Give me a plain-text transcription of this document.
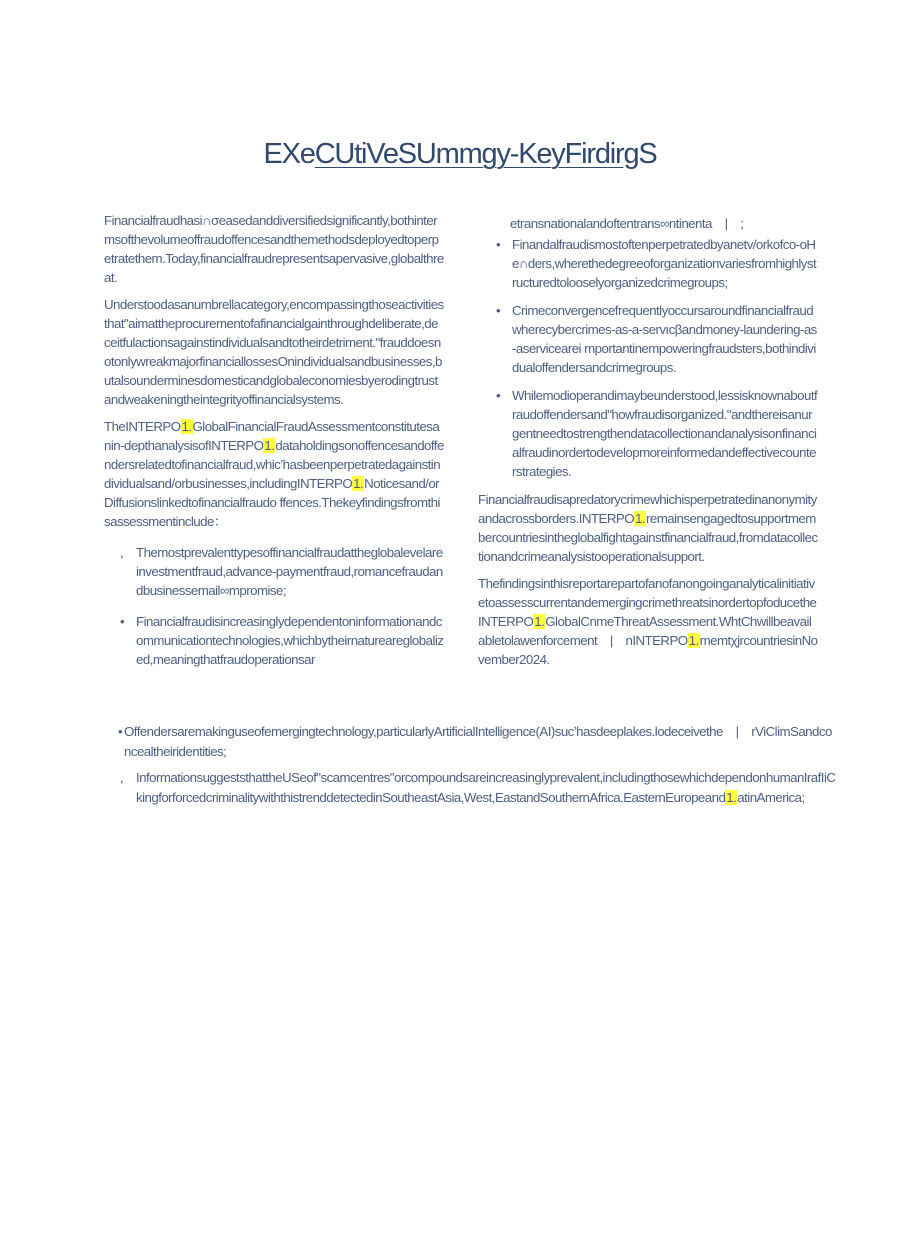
EXeCUtiVeSUmmgy-KeyFirdirgS

Financialfraudhasi∩σeasedanddiversifiedsignificantly,bothintermsofthevolumeoffraudoffencesandthemethodsdeployedtoperpetratethem.Today,financialfraudrepresentsapervasive,globalthreat.

Understoodasanumbrellacategory,encompassingthoseactivitiesthat"aimattheprocurementofafinancialgainthroughdeliberate,deceitfulactionsagainstindividualsandtotheirdetriment."frauddoesnotonlywreakmajorfinanciallossesOnindividualsandbusinesses,butalsounderminesdomesticandglobaleconomiesbyerodingtrustandweakeningtheintegrityoffinancialsystems.

TheINTERPO1.GlobalFinancialFraudAssessmentconstitutesanin-depthanalysisofINTERPO1.dataholdingsonoffencesandoffendersrelatedtofinancialfraud,whicʼhasbeenperpetratedagainstindividualsand/orbusinesses,includingINTERPO1.Noticesand/orDiffusionslinkedtofinancialfraudo ffences.Thekeyfindingsfromthisassessmentinclude：

, Themostprevalenttypesoffinancialfraudattheglobalevelareinvestmentfraud,advance-paymentfraud,romancefraudandbusinessemail∞mpromise;
• Financialfraudisincreasinglydependentoninformationandcommunicationtechnologies,whichbytheirnatureareglobalized,meaningthatfraudoperationsar

etransnationalandoftentrans∞ntinenta　|　;

• Finandalfraudismostoftenperpetratedbyanetv/orkofco-oHe∩ders,wherethedegreeoforganizationvariesfromhighlystructuredtolooselyorganizedcrimegroups;
• Crimeconvergencefrequentlyoccursaroundfinancialfraudwherecybercrimes-as-a-servıcβandmoney-laundering-as-aservicearei mportantinempoweringfraudsters,bothindividualoffendersandcrimegroups.
• Whilemodioperandimaybeunderstood,lessisknownaboutfraudoffendersand"howfraudisorganized."andthereisanurgentneedtostrengthendatacollectionandanalysisonfinancialfraudinordertodevelopmoreinformedandeffectivecounterstrategies.

Financialfraudisapredatorycrimewhichisperpetratedinanonymityandacrossborders.INTERPO1.remainsengagedtosupportmembercountriesintheglobalfightagainstfinancialfraud,fromdatacollectionandcrimeanalysistooperationalsupport.

Thefindingsinthisreportarepartofanofanongoinganalyticalinitiativetoassesscurrentandemergingcrimethreatsinordertopfoducethe INTERPO1.GlobalCnmeThreatAssessment.WhtChwillbeavailabletolawenforcement　|　nINTERPO1.memtχjrcountriesinNovember2024.

• Offendersaremakinguseofemergingtechnology,particularlyArtificialIntelligence(AI)sucʼhasdeeplakes.lodeceivethe　|　rViClimSandconcealtheiridentities;
, InformationsuggeststhattheUSeof"scamcentres"orcompoundsareincreasinglyprevalent,includingthosewhichdependonhumanIrafIiCkingforforcedcriminalitywiththistrenddetectedinSoutheastAsia,West,EastandSouthernAfrica.EasternEuropeand1.atinAmerica;
